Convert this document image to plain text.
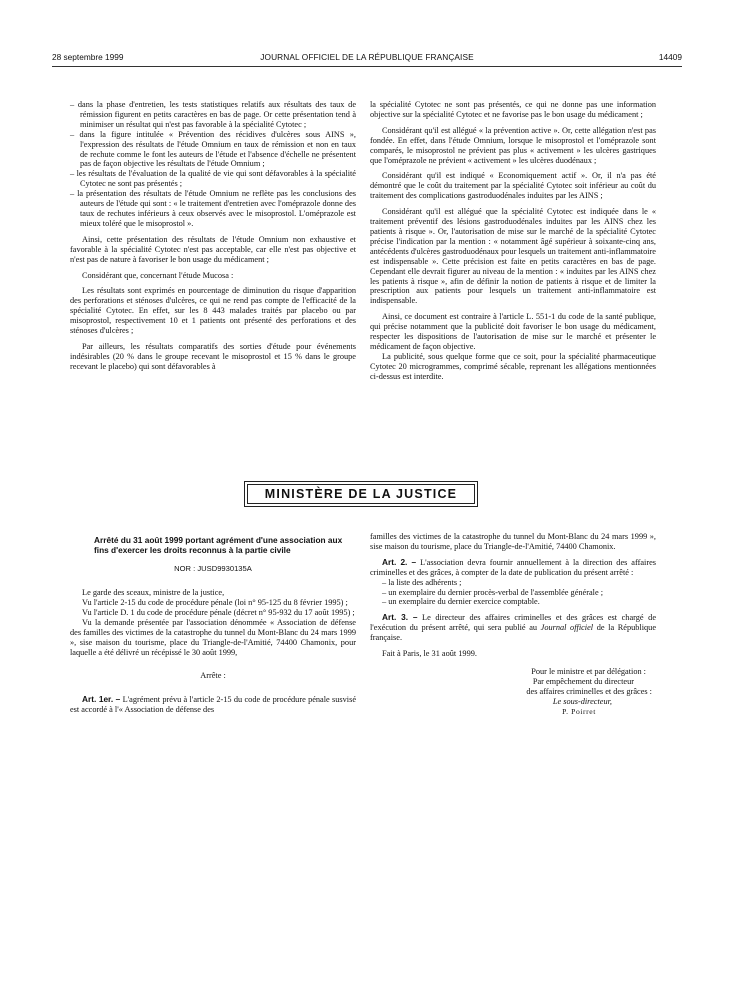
28 septembre 1999	JOURNAL OFFICIEL DE LA RÉPUBLIQUE FRANÇAISE	14409

– dans la phase d'entretien, les tests statistiques relatifs aux résultats des taux de rémission figurent en petits caractères en bas de page. Or cette présentation tend à minimiser un résultat qui n'est pas favorable à la spécialité Cytotec ;

– dans la figure intitulée « Prévention des récidives d'ulcères sous AINS », l'expression des résultats de l'étude Omnium en taux de rémission et non en taux de rechute comme le font les auteurs de l'étude et l'absence d'échelle ne présentent pas de façon objective les résultats de l'étude Omnium ;

– les résultats de l'évaluation de la qualité de vie qui sont défavorables à la spécialité Cytotec ne sont pas présentés ;

– la présentation des résultats de l'étude Omnium ne reflète pas les conclusions des auteurs de l'étude qui sont : « le traitement d'entretien avec l'oméprazole donne des taux de rechutes inférieurs à ceux observés avec le misoprostol. L'oméprazole est mieux toléré que le misoprostol ».

Ainsi, cette présentation des résultats de l'étude Omnium non exhaustive et favorable à la spécialité Cytotec n'est pas acceptable, car elle n'est pas objective et n'est pas de nature à favoriser le bon usage du médicament ;

Considérant que, concernant l'étude Mucosa :

Les résultats sont exprimés en pourcentage de diminution du risque d'apparition des perforations et sténoses d'ulcères, ce qui ne rend pas compte de l'efficacité de la spécialité Cytotec. En effet, sur les 8 443 malades traités par placebo ou par misoprostol, respectivement 10 et 1 patients ont présenté des perforations et des sténoses d'ulcères ;

Par ailleurs, les résultats comparatifs des sorties d'étude pour événements indésirables (20 % dans le groupe recevant le misoprostol et 15 % dans le groupe recevant le placebo) qui sont défavorables à

la spécialité Cytotec ne sont pas présentés, ce qui ne donne pas une information objective sur la spécialité Cytotec et ne favorise pas le bon usage du médicament ;

Considérant qu'il est allégué « la prévention active ». Or, cette allégation n'est pas fondée. En effet, dans l'étude Omnium, lorsque le misoprostol et l'oméprazole sont comparés, le misoprostol ne prévient pas plus « activement » les ulcères gastriques que l'oméprazole ne prévient « activement » les ulcères duodénaux ;

Considérant qu'il est indiqué « Economiquement actif ». Or, il n'a pas été démontré que le coût du traitement par la spécialité Cytotec soit inférieur au coût du traitement des complications gastroduodénales induites par les AINS ;

Considérant qu'il est allégué que la spécialité Cytotec est indiquée dans le « traitement préventif des lésions gastroduodénales induites par les AINS chez les patients à risque ». Or, l'autorisation de mise sur le marché de la spécialité Cytotec précise l'indication par la mention : « notamment âgé supérieur à soixante-cinq ans, antécédents d'ulcères gastroduodénaux pour lesquels un traitement anti-inflammatoire est indispensable ». Cette précision est faite en petits caractères en bas de page. Cependant elle devrait figurer au niveau de la mention : « induites par les AINS chez les patients à risque », afin de définir la notion de patients à risque et de limiter la prescription aux patients pour lesquels un traitement anti-inflammatoire est indispensable.

Ainsi, ce document est contraire à l'article L. 551-1 du code de la santé publique, qui précise notamment que la publicité doit favoriser le bon usage du médicament, respecter les dispositions de l'autorisation de mise sur le marché et présenter le médicament de façon objective.

La publicité, sous quelque forme que ce soit, pour la spécialité pharmaceutique Cytotec 20 microgrammes, comprimé sécable, reprenant les allégations mentionnées ci-dessus est interdite.

MINISTÈRE DE LA JUSTICE

Arrêté du 31 août 1999 portant agrément d'une association aux fins d'exercer les droits reconnus à la partie civile

NOR : JUSD9930135A

Le garde des sceaux, ministre de la justice,

Vu l'article 2-15 du code de procédure pénale (loi n° 95-125 du 8 février 1995) ;

Vu l'article D. 1 du code de procédure pénale (décret n° 95-932 du 17 août 1995) ;

Vu la demande présentée par l'association dénommée « Association de défense des familles des victimes de la catastrophe du tunnel du Mont-Blanc du 24 mars 1999 », sise maison du tourisme, place du Triangle-de-l'Amitié, 74400 Chamonix, pour laquelle a été délivré un récépissé le 30 août 1999,

Arrête :

Art. 1er. – L'agrément prévu à l'article 2-15 du code de procédure pénale susvisé est accordé à l'« Association de défense des

familles des victimes de la catastrophe du tunnel du Mont-Blanc du 24 mars 1999 », sise maison du tourisme, place du Triangle-de-l'Amitié, 74400 Chamonix.

Art. 2. – L'association devra fournir annuellement à la direction des affaires criminelles et des grâces, à compter de la date de publication du présent arrêté :

– la liste des adhérents ;

– un exemplaire du dernier procès-verbal de l'assemblée générale ;

– un exemplaire du dernier exercice comptable.

Art. 3. – Le directeur des affaires criminelles et des grâces est chargé de l'exécution du présent arrêté, qui sera publié au Journal officiel de la République française.

Fait à Paris, le 31 août 1999.

Pour le ministre et par délégation :

Par empêchement du directeur

des affaires criminelles et des grâces :

Le sous-directeur,

P. Poirret
